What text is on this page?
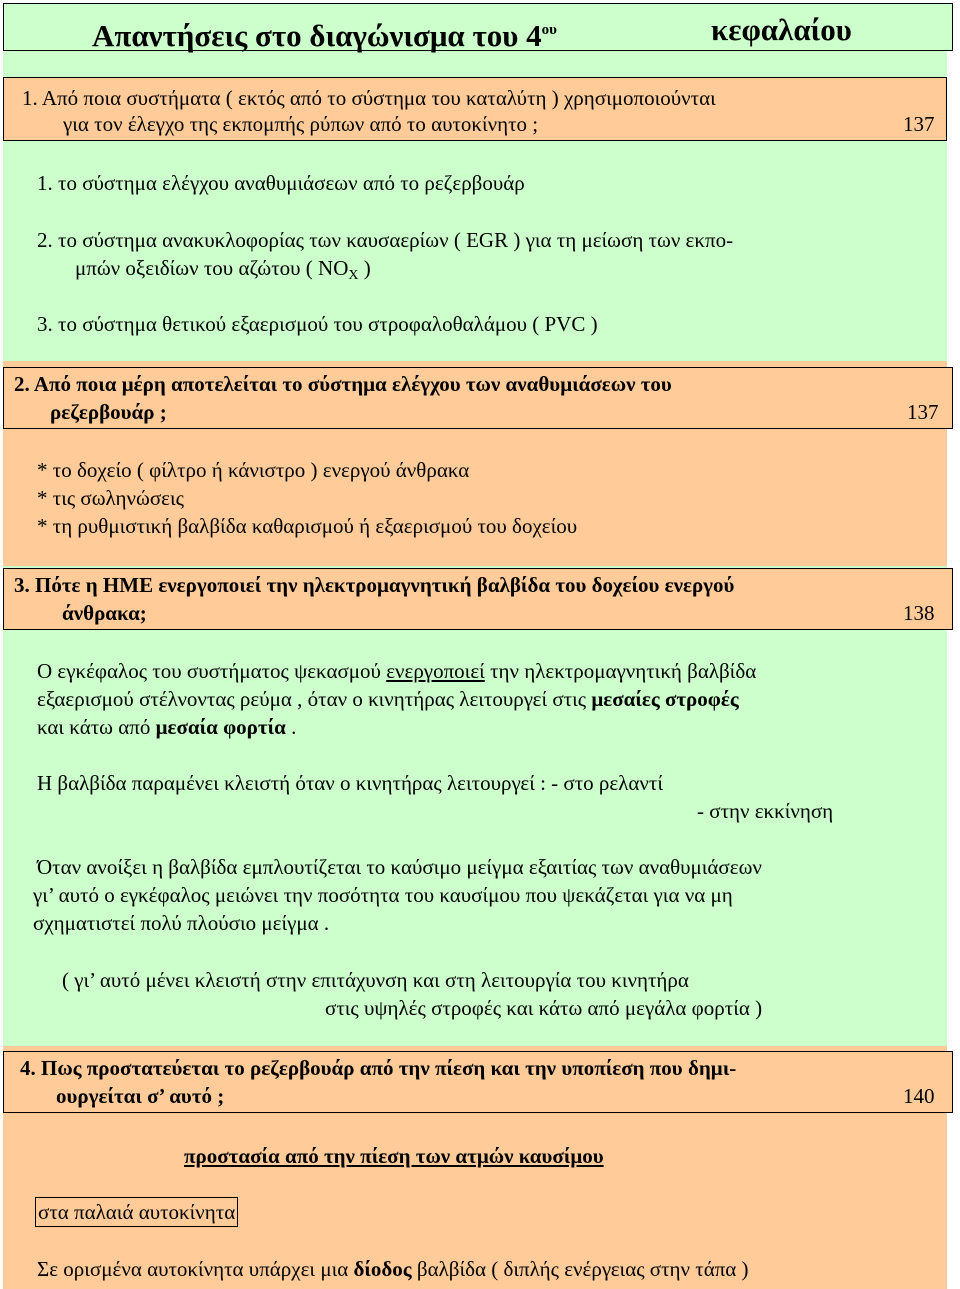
Απαντήσεις στο διαγώνισμα του $4^{o\upsilon}$	κεφαλαίου
1. Από ποια συστήματα ( εκτός από το σύστημα του καταλύτη ) χρησιμοποιούνται
για τον έλεγχο της εκπομπής ρύπων από το αυτοκίνητο ;	137
1. το σύστημα ελέγχου αναθυμιάσεων από το ρεζερβουάρ
2. το σύστημα ανακυκλοφορίας των καυσαερίων ( EGR ) για τη μείωση των εκπο-
μπών οξειδίων του αζώτου ( $NO_X$ )
3. το σύστημα θετικού εξαερισμού του στροφαλοθαλάμου ( PVC )
2. Από ποια μέρη αποτελείται το σύστημα ελέγχου των αναθυμιάσεων του
ρεζερβουάρ ;	137
* το δοχείο ( φίλτρο ή κάνιστρο ) ενεργού άνθρακα
* τις σωληνώσεις
* τη ρυθμιστική βαλβίδα καθαρισμού ή εξαερισμού του δοχείου
3. Πότε η ΗΜΕ ενεργοποιεί την ηλεκτρομαγνητική βαλβίδα του δοχείου ενεργού
άνθρακα;	138
Ο εγκέφαλος του συστήματος ψεκασμού ενεργοποιεί την ηλεκτρομαγνητική βαλβίδα
εξαερισμού στέλνοντας ρεύμα , όταν ο κινητήρας λειτουργεί στις μεσαίες στροφές
και κάτω από μεσαία φορτία .
Η βαλβίδα παραμένει κλειστή όταν ο κινητήρας λειτουργεί : - στο ρελαντί
- στην εκκίνηση
Όταν ανοίξει η βαλβίδα εμπλουτίζεται το καύσιμο μείγμα εξαιτίας των αναθυμιάσεων
γι’ αυτό ο εγκέφαλος μειώνει την ποσότητα του καυσίμου που ψεκάζεται για να μη
σχηματιστεί πολύ πλούσιο μείγμα .
( γι’ αυτό μένει κλειστή στην επιτάχυνση και στη λειτουργία του κινητήρα
στις υψηλές στροφές και κάτω από μεγάλα φορτία )
4. Πως προστατεύεται το ρεζερβουάρ από την πίεση και την υποπίεση που δημι-
ουργείται σ’ αυτό ;	140
προστασία από την πίεση των ατμών καυσίμου
στα παλαιά αυτοκίνητα
Σε ορισμένα αυτοκίνητα υπάρχει μια δίοδος βαλβίδα ( διπλής ενέργειας στην τάπα )
